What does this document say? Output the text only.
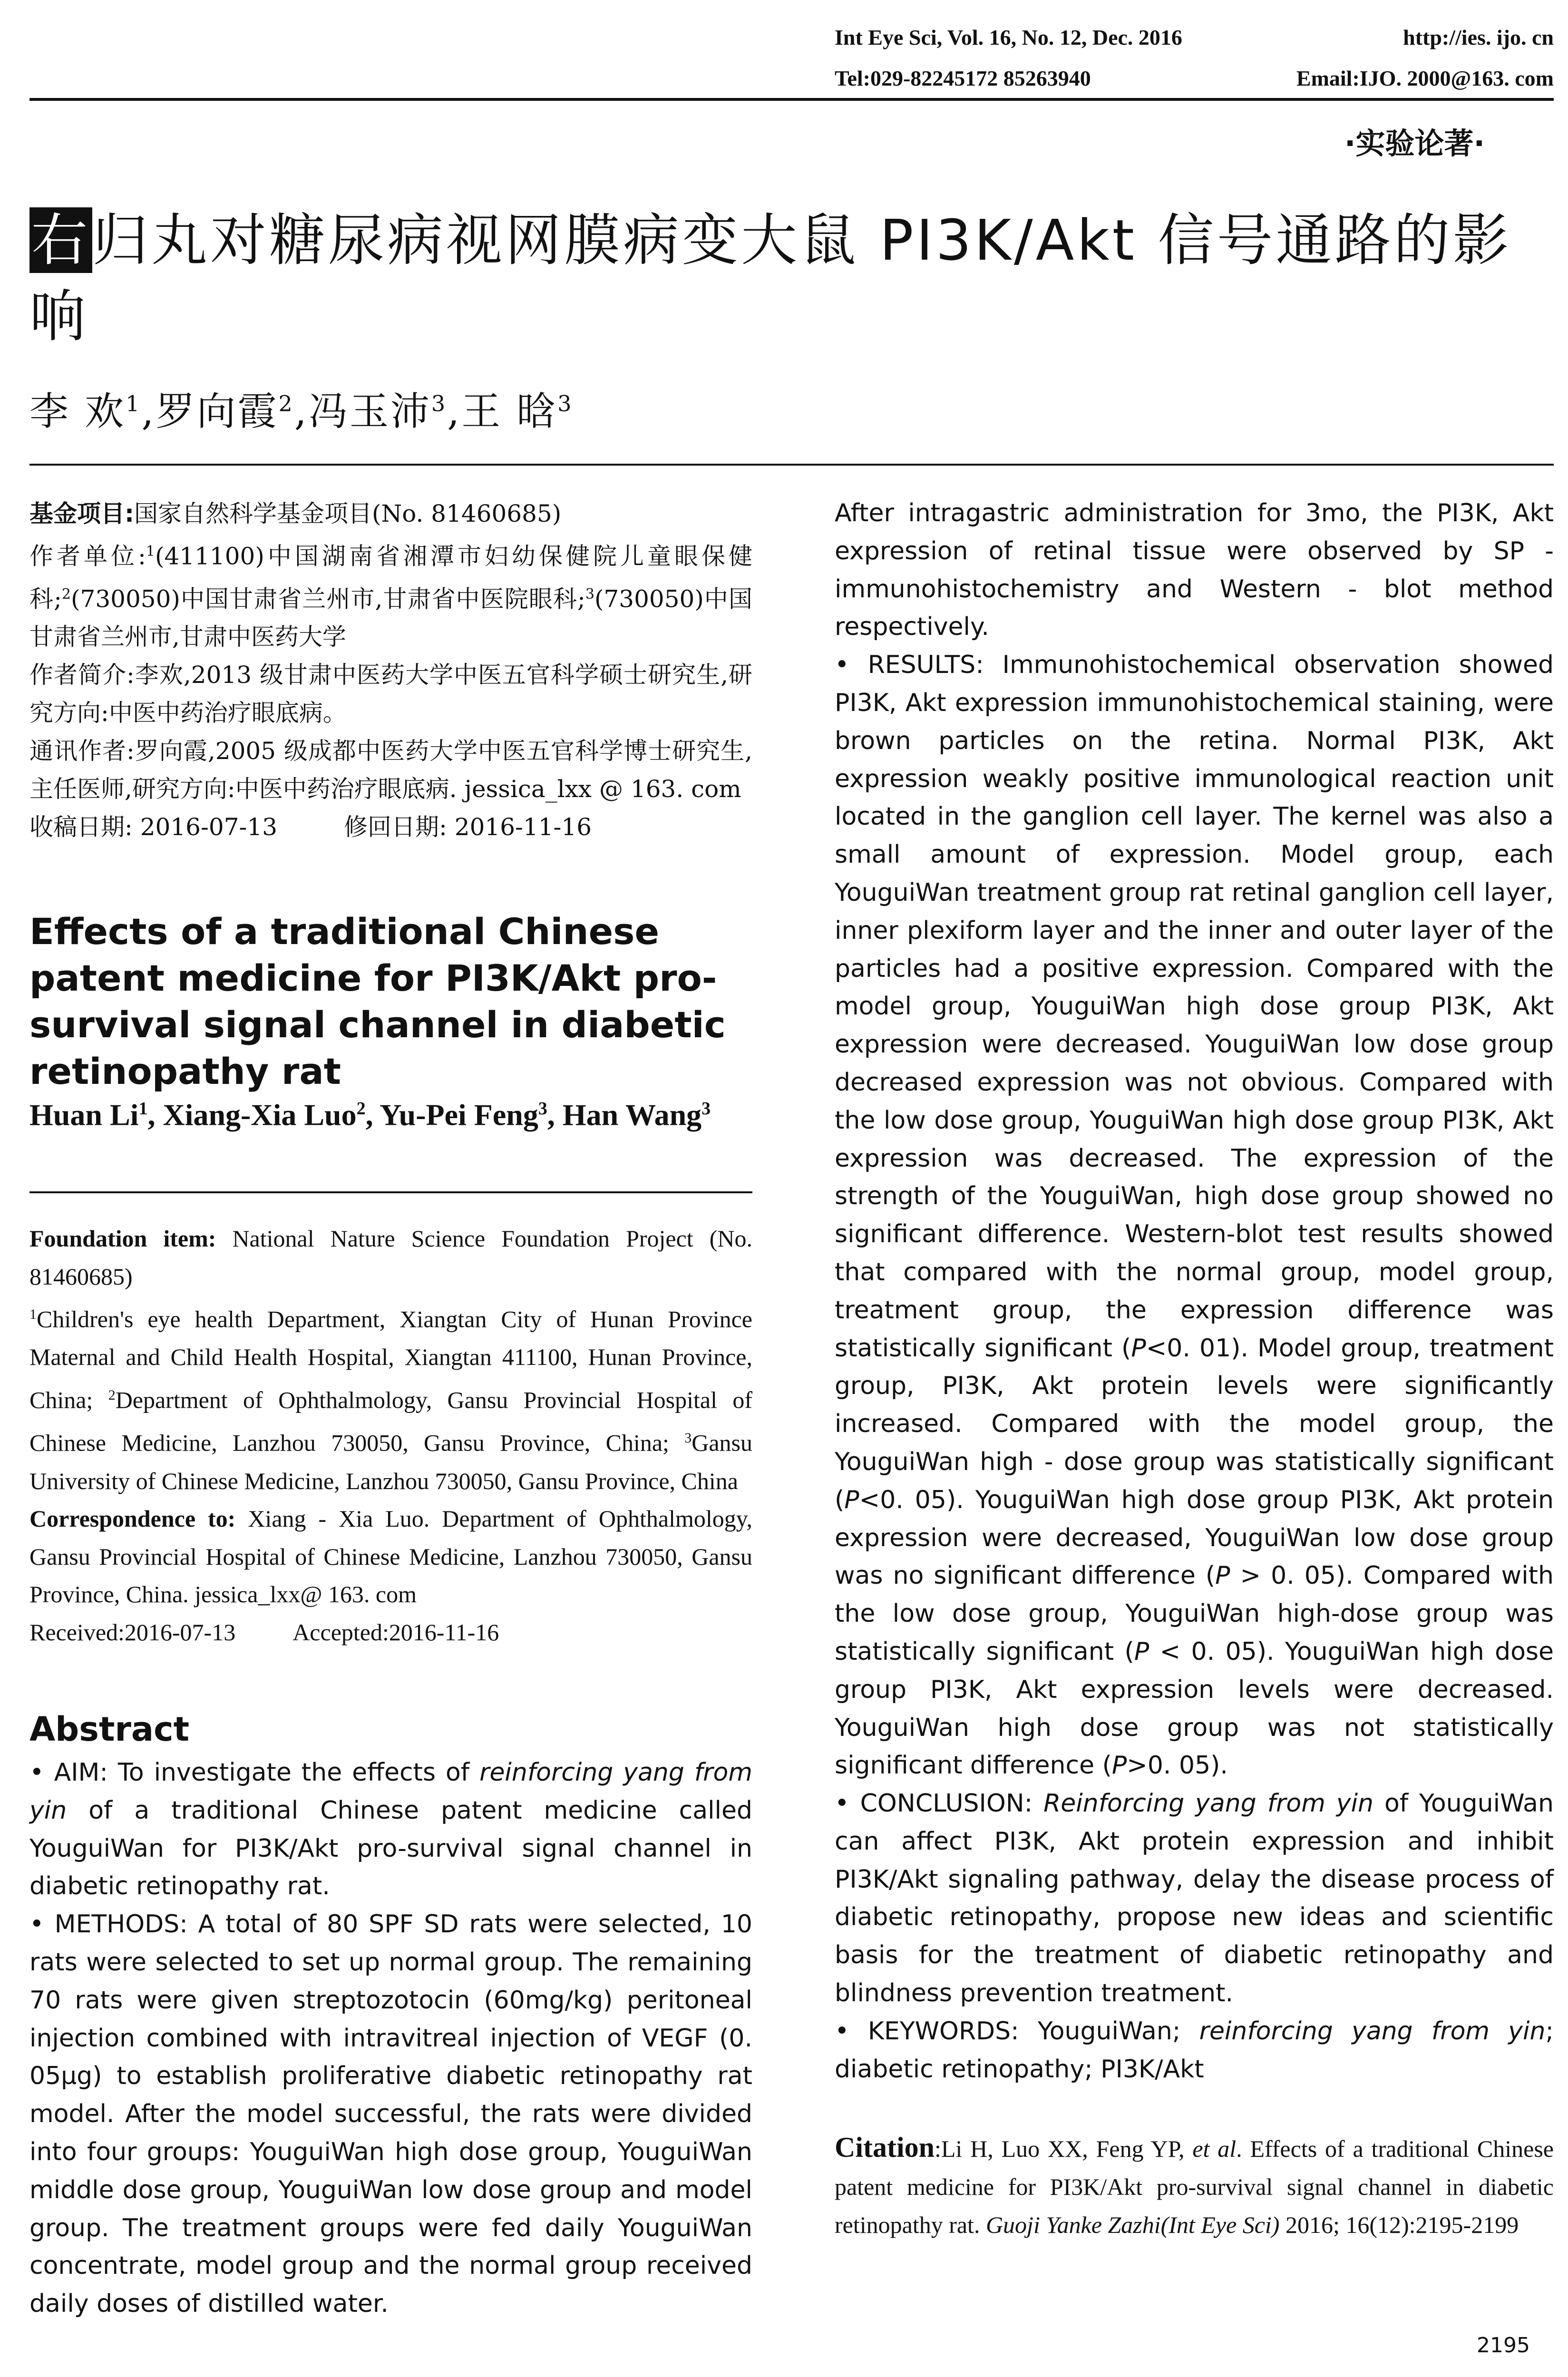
Int Eye Sci, Vol. 16, No. 12, Dec. 2016	http://ies. ijo. cn
Tel:029-82245172 85263940	Email:IJO. 2000@163. com
·实验论著·
右归丸对糖尿病视网膜病变大鼠 PI3K/Akt 信号通路的影响
李 欢$^1$,罗向霞$^2$,冯玉沛$^3$,王 晗$^3$
基金项目:国家自然科学基金项目(No. 81460685)
作者单位:$^1$(411100)中国湖南省湘潭市妇幼保健院儿童眼保健科;$^2$(730050)中国甘肃省兰州市,甘肃省中医院眼科;$^3$(730050)中国甘肃省兰州市,甘肃中医药大学
作者简介:李欢,2013 级甘肃中医药大学中医五官科学硕士研究生,研究方向:中医中药治疗眼底病。
通讯作者:罗向霞,2005 级成都中医药大学中医五官科学博士研究生,主任医师,研究方向:中医中药治疗眼底病. jessica_lxx @ 163. com
收稿日期: 2016-07-13	修回日期: 2016-11-16
Effects of a traditional Chinese patent medicine for PI3K/Akt pro-survival signal channel in diabetic retinopathy rat
Huan Li$^1$, Xiang-Xia Luo$^2$, Yu-Pei Feng$^3$, Han Wang$^3$
Foundation item: National Nature Science Foundation Project (No. 81460685)
$^1$Children's eye health Department, Xiangtan City of Hunan Province Maternal and Child Health Hospital, Xiangtan 411100, Hunan Province, China; $^2$Department of Ophthalmology, Gansu Provincial Hospital of Chinese Medicine, Lanzhou 730050, Gansu Province, China; $^3$Gansu University of Chinese Medicine, Lanzhou 730050, Gansu Province, China
Correspondence to: Xiang - Xia Luo. Department of Ophthalmology, Gansu Provincial Hospital of Chinese Medicine, Lanzhou 730050, Gansu Province, China. jessica_lxx@ 163. com
Received:2016-07-13 Accepted:2016-11-16
Abstract

• AIM: To investigate the effects of reinforcing yang from yin of a traditional Chinese patent medicine called YouguiWan for PI3K/Akt pro-survival signal channel in diabetic retinopathy rat.

• METHODS: A total of 80 SPF SD rats were selected, 10 rats were selected to set up normal group. The remaining 70 rats were given streptozotocin (60mg/kg) peritoneal injection combined with intravitreal injection of VEGF (0. 05μg) to establish proliferative diabetic retinopathy rat model. After the model successful, the rats were divided into four groups: YouguiWan high dose group, YouguiWan middle dose group, YouguiWan low dose group and model group. The treatment groups were fed daily YouguiWan concentrate, model group and the normal group received daily doses of distilled water.

After intragastric administration for 3mo, the PI3K, Akt expression of retinal tissue were observed by SP - immunohistochemistry and Western - blot method respectively.

• RESULTS: Immunohistochemical observation showed PI3K, Akt expression immunohistochemical staining, were brown particles on the retina. Normal PI3K, Akt expression weakly positive immunological reaction unit located in the ganglion cell layer. The kernel was also a small amount of expression. Model group, each YouguiWan treatment group rat retinal ganglion cell layer, inner plexiform layer and the inner and outer layer of the particles had a positive expression. Compared with the model group, YouguiWan high dose group PI3K, Akt expression were decreased. YouguiWan low dose group decreased expression was not obvious. Compared with the low dose group, YouguiWan high dose group PI3K, Akt expression was decreased. The expression of the strength of the YouguiWan, high dose group showed no significant difference. Western-blot test results showed that compared with the normal group, model group, treatment group, the expression difference was statistically significant (P<0. 01). Model group, treatment group, PI3K, Akt protein levels were significantly increased. Compared with the model group, the YouguiWan high - dose group was statistically significant (P<0. 05). YouguiWan high dose group PI3K, Akt protein expression were decreased, YouguiWan low dose group was no significant difference (P > 0. 05). Compared with the low dose group, YouguiWan high-dose group was statistically significant (P < 0. 05). YouguiWan high dose group PI3K, Akt expression levels were decreased. YouguiWan high dose group was not statistically significant difference (P>0. 05).

• CONCLUSION: Reinforcing yang from yin of YouguiWan can affect PI3K, Akt protein expression and inhibit PI3K/Akt signaling pathway, delay the disease process of diabetic retinopathy, propose new ideas and scientific basis for the treatment of diabetic retinopathy and blindness prevention treatment.

• KEYWORDS: YouguiWan; reinforcing yang from yin; diabetic retinopathy; PI3K/Akt

Citation:Li H, Luo XX, Feng YP, et al. Effects of a traditional Chinese patent medicine for PI3K/Akt pro-survival signal channel in diabetic retinopathy rat. Guoji Yanke Zazhi(Int Eye Sci) 2016; 16(12):2195-2199
2195
